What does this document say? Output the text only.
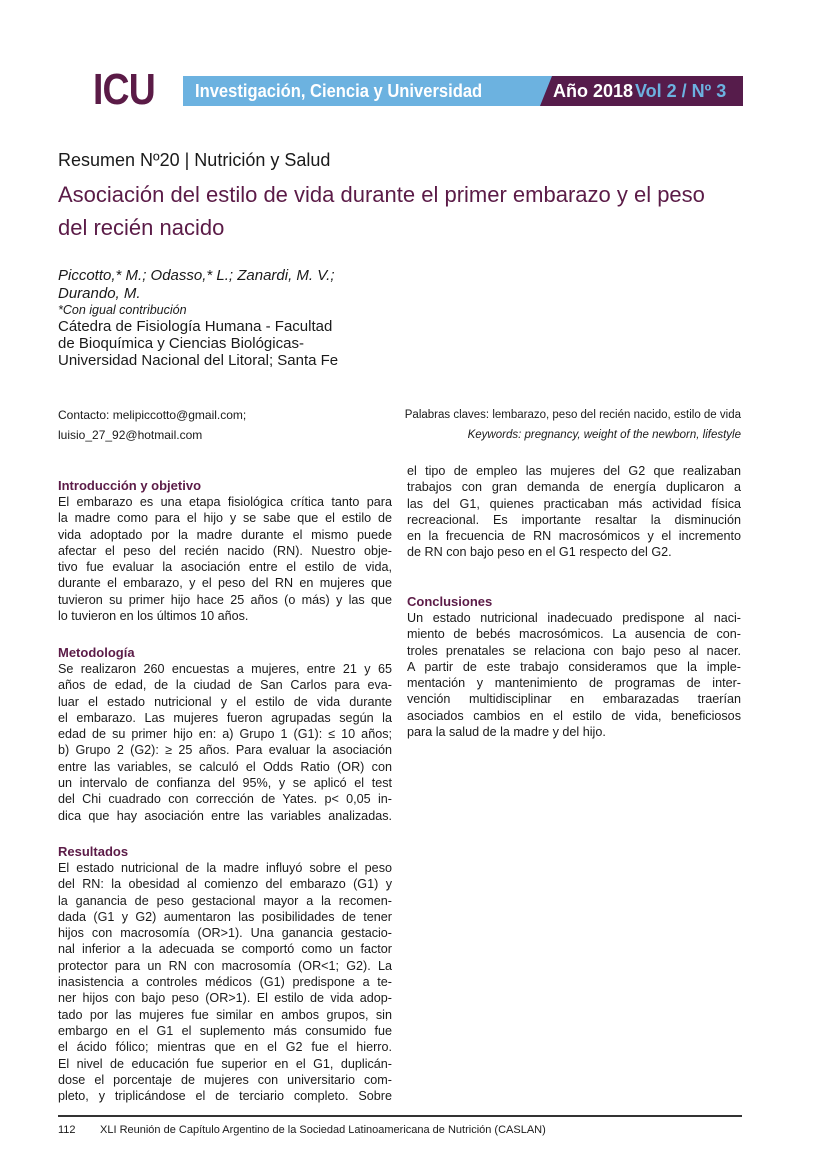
ICU Investigación, Ciencia y Universidad	Año 2018 Vol 2 / Nº 3
Resumen Nº20 | Nutrición y Salud
Asociación del estilo de vida durante el primer embarazo y el peso
del recién nacido
Piccotto,* M.; Odasso,* L.; Zanardi, M. V.;
Durando, M.
*Con igual contribución
Cátedra de Fisiología Humana - Facultad
de Bioquímica y Ciencias Biológicas-
Universidad Nacional del Litoral; Santa Fe
Contacto: melipiccotto@gmail.com;
luisio_27_92@hotmail.com
Palabras claves: lembarazo, peso del recién nacido, estilo de vida
Keywords: pregnancy, weight of the newborn, lifestyle
Introducción y objetivo
El embarazo es una etapa fisiológica crítica tanto para
la madre como para el hijo y se sabe que el estilo de
vida adoptado por la madre durante el mismo puede
afectar el peso del recién nacido (RN). Nuestro obje-
tivo fue evaluar la asociación entre el estilo de vida,
durante el embarazo, y el peso del RN en mujeres que
tuvieron su primer hijo hace 25 años (o más) y las que
lo tuvieron en los últimos 10 años.
Metodología
Se realizaron 260 encuestas a mujeres, entre 21 y 65
años de edad, de la ciudad de San Carlos para eva-
luar el estado nutricional y el estilo de vida durante
el embarazo. Las mujeres fueron agrupadas según la
edad de su primer hijo en: a) Grupo 1 (G1): ≤ 10 años;
b) Grupo 2 (G2): ≥ 25 años. Para evaluar la asociación
entre las variables, se calculó el Odds Ratio (OR) con
un intervalo de confianza del 95%, y se aplicó el test
del Chi cuadrado con corrección de Yates. p< 0,05 in-
dica que hay asociación entre las variables analizadas.
Resultados
El estado nutricional de la madre influyó sobre el peso
del RN: la obesidad al comienzo del embarazo (G1) y
la ganancia de peso gestacional mayor a la recomen-
dada (G1 y G2) aumentaron las posibilidades de tener
hijos con macrosomía (OR>1). Una ganancia gestacio-
nal inferior a la adecuada se comportó como un factor
protector para un RN con macrosomía (OR<1; G2). La
inasistencia a controles médicos (G1) predispone a te-
ner hijos con bajo peso (OR>1). El estilo de vida adop-
tado por las mujeres fue similar en ambos grupos, sin
embargo en el G1 el suplemento más consumido fue
el ácido fólico; mientras que en el G2 fue el hierro.
El nivel de educación fue superior en el G1, duplicán-
dose el porcentaje de mujeres con universitario com-
pleto, y triplicándose el de terciario completo. Sobre
el tipo de empleo las mujeres del G2 que realizaban
trabajos con gran demanda de energía duplicaron a
las del G1, quienes practicaban más actividad física
recreacional. Es importante resaltar la disminución
en la frecuencia de RN macrosómicos y el incremento
de RN con bajo peso en el G1 respecto del G2.
Conclusiones
Un estado nutricional inadecuado predispone al naci-
miento de bebés macrosómicos. La ausencia de con-
troles prenatales se relaciona con bajo peso al nacer.
A partir de este trabajo consideramos que la imple-
mentación y mantenimiento de programas de inter-
vención multidisciplinar en embarazadas traerían
asociados cambios en el estilo de vida, beneficiosos
para la salud de la madre y del hijo.
112 XLI Reunión de Capítulo Argentino de la Sociedad Latinoamericana de Nutrición (CASLAN)
